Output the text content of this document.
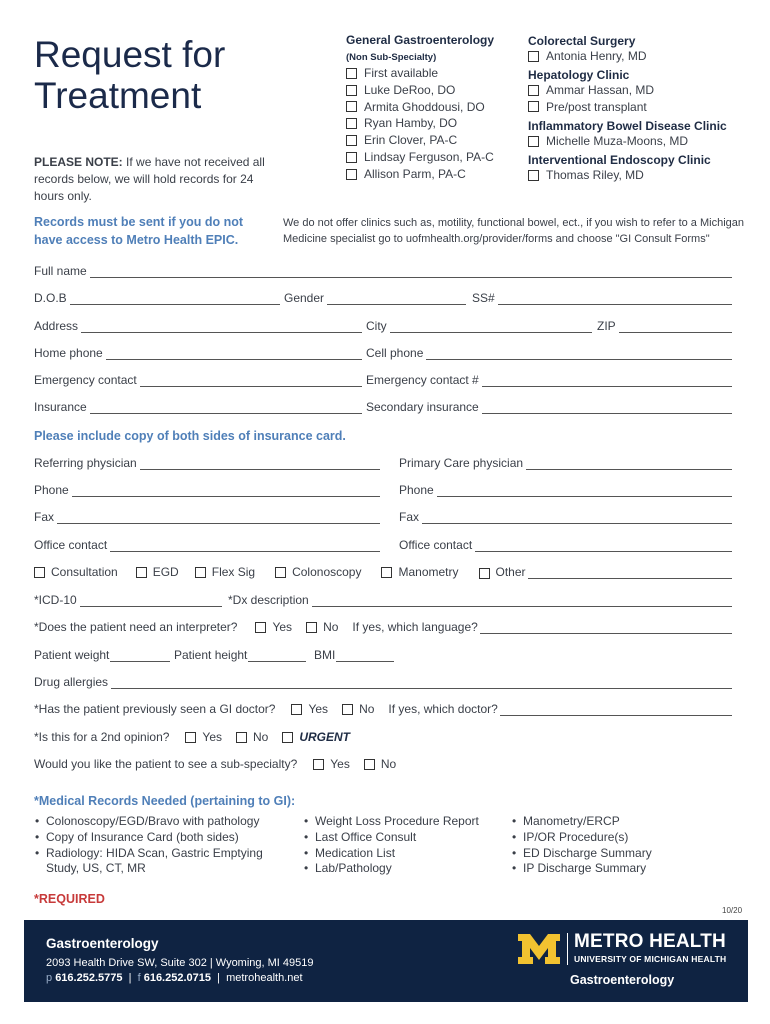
Request for
Treatment
PLEASE NOTE: If we have not received all records below, we will hold records for 24 hours only.
Records must be sent if you do not
have access to Metro Health EPIC.
We do not offer clinics such as, motility, functional bowel, ect., if you wish to refer to a Michigan
Medicine specialist go to uofmhealth.org/provider/forms and choose "GI Consult Forms"
General Gastroenterology
(Non Sub-Specialty)
First available
Luke DeRoo, DO
Armita Ghoddousi, DO
Ryan Hamby, DO
Erin Clover, PA-C
Lindsay Ferguson, PA-C
Allison Parm, PA-C
Colorectal Surgery
Antonia Henry, MD
Hepatology Clinic
Ammar Hassan, MD
Pre/post transplant
Inflammatory Bowel Disease Clinic
Michelle Muza-Moons, MD
Interventional Endoscopy Clinic
Thomas Riley, MD
Full name
D.O.B	Gender	SS#
Address	City	ZIP
Home phone	Cell phone
Emergency contact	Emergency contact #
Insurance	Secondary insurance
Please include copy of both sides of insurance card.
Referring physician	Primary Care physician
Phone	Phone
Fax	Fax
Office contact	Office contact
Consultation	EGD	Flex Sig	Colonoscopy	Manometry	Other
*ICD-10	*Dx description
*Does the patient need an interpreter?	Yes	No If yes, which language?
Patient weight	Patient height	BMI
Drug allergies
*Has the patient previously seen a GI doctor?	Yes	No If yes, which doctor?
*Is this for a 2nd opinion?	Yes	No	URGENT
Would you like the patient to see a sub-specialty?	Yes	No
*Medical Records Needed (pertaining to GI):
• Colonoscopy/EGD/Bravo with pathology
• Copy of Insurance Card (both sides)
• Radiology: HIDA Scan, Gastric Emptying Study, US, CT, MR
• Weight Loss Procedure Report
• Last Office Consult
• Medication List
• Lab/Pathology
• Manometry/ERCP
• IP/OR Procedure(s)
• ED Discharge Summary
• IP Discharge Summary
*REQUIRED
10/20
Gastroenterology
2093 Health Drive SW, Suite 302 | Wyoming, MI 49519
p 616.252.5775  |  f 616.252.0715  |  metrohealth.net
METRO HEALTH
UNIVERSITY OF MICHIGAN HEALTH
Gastroenterology
